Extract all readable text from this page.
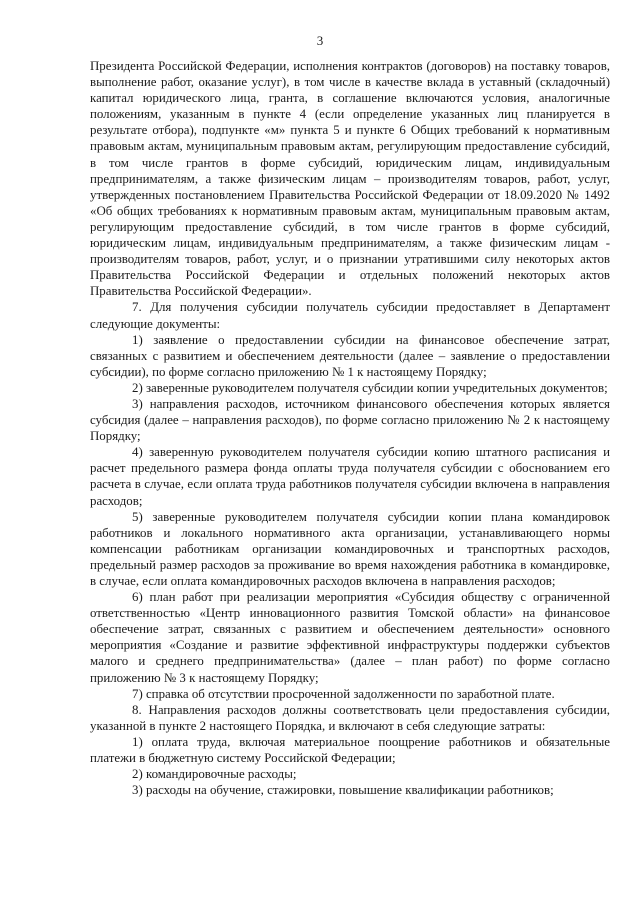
3

Президента Российской Федерации, исполнения контрактов (договоров) на поставку товаров, выполнение работ, оказание услуг), в том числе в качестве вклада в уставный (складочный) капитал юридического лица, гранта, в соглашение включаются условия, аналогичные положениям, указанным в пункте 4 (если определение указанных лиц планируется в результате отбора), подпункте «м» пункта 5 и пункте 6 Общих требований к нормативным правовым актам, муниципальным правовым актам, регулирующим предоставление субсидий, в том числе грантов в форме субсидий, юридическим лицам, индивидуальным предпринимателям, а также физическим лицам – производителям товаров, работ, услуг, утвержденных постановлением Правительства Российской Федерации от 18.09.2020 № 1492 «Об общих требованиях к нормативным правовым актам, муниципальным правовым актам, регулирующим предоставление субсидий, в том числе грантов в форме субсидий, юридическим лицам, индивидуальным предпринимателям, а также физическим лицам - производителям товаров, работ, услуг, и о признании утратившими силу некоторых актов Правительства Российской Федерации и отдельных положений некоторых актов Правительства Российской Федерации».

7. Для получения субсидии получатель субсидии предоставляет в Департамент следующие документы:

1) заявление о предоставлении субсидии на финансовое обеспечение затрат, связанных с развитием и обеспечением деятельности (далее – заявление о предоставлении субсидии), по форме согласно приложению № 1 к настоящему Порядку;

2) заверенные руководителем получателя субсидии копии учредительных документов;

3) направления расходов, источником финансового обеспечения которых является субсидия (далее – направления расходов), по форме согласно приложению № 2 к настоящему Порядку;

4) заверенную руководителем получателя субсидии копию штатного расписания и расчет предельного размера фонда оплаты труда получателя субсидии с обоснованием его расчета в случае, если оплата труда работников получателя субсидии включена в направления расходов;

5) заверенные руководителем получателя субсидии копии плана командировок работников и локального нормативного акта организации, устанавливающего нормы компенсации работникам организации командировочных и транспортных расходов, предельный размер расходов за проживание во время нахождения работника в командировке, в случае, если оплата командировочных расходов включена в направления расходов;

6) план работ при реализации мероприятия «Субсидия обществу с ограниченной ответственностью «Центр инновационного развития Томской области» на финансовое обеспечение затрат, связанных с развитием и обеспечением деятельности» основного мероприятия «Создание и развитие эффективной инфраструктуры поддержки субъектов малого и среднего предпринимательства» (далее – план работ) по форме согласно приложению № 3 к настоящему Порядку;

7) справка об отсутствии просроченной задолженности по заработной плате.

8. Направления расходов должны соответствовать цели предоставления субсидии, указанной в пункте 2 настоящего Порядка, и включают в себя следующие затраты:

1) оплата труда, включая материальное поощрение работников и обязательные платежи в бюджетную систему Российской Федерации;

2) командировочные расходы;

3) расходы на обучение, стажировки, повышение квалификации работников;
